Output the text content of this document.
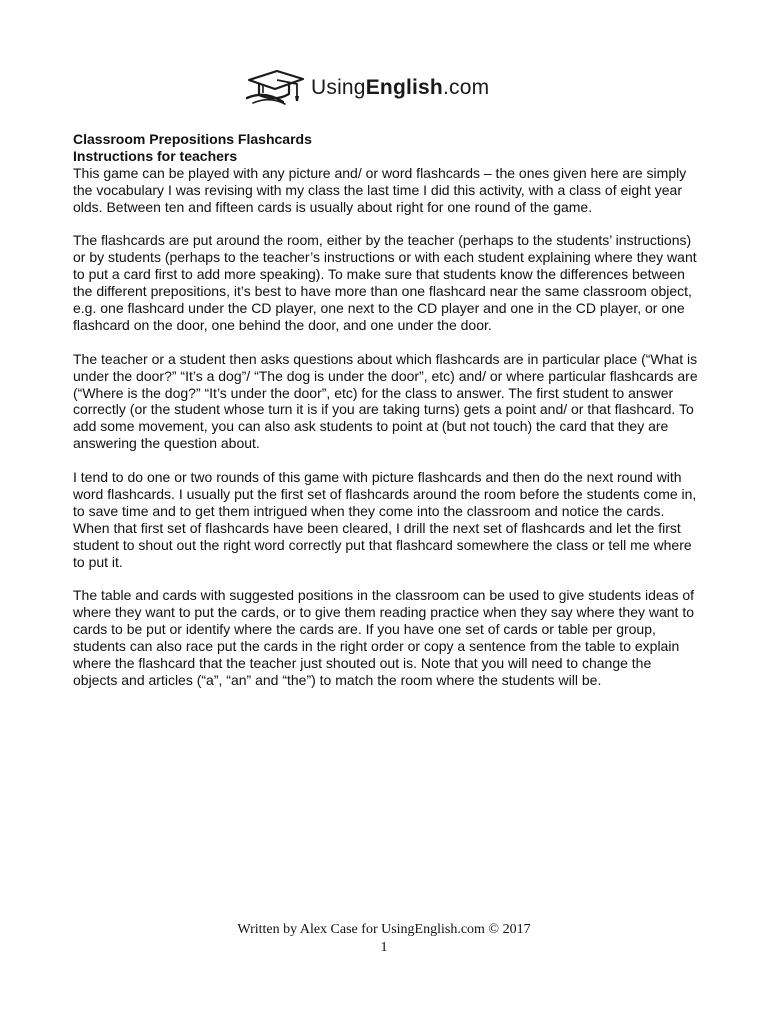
UsingEnglish.com

Classroom Prepositions Flashcards

Instructions for teachers

This game can be played with any picture and/ or word flashcards – the ones given here are simply the vocabulary I was revising with my class the last time I did this activity, with a class of eight year olds. Between ten and fifteen cards is usually about right for one round of the game.

The flashcards are put around the room, either by the teacher (perhaps to the students’ instructions) or by students (perhaps to the teacher’s instructions or with each student explaining where they want to put a card first to add more speaking). To make sure that students know the differences between the different prepositions, it’s best to have more than one flashcard near the same classroom object, e.g. one flashcard under the CD player, one next to the CD player and one in the CD player, or one flashcard on the door, one behind the door, and one under the door.

The teacher or a student then asks questions about which flashcards are in particular place (“What is under the door?” “It’s a dog”/ “The dog is under the door”, etc) and/ or where particular flashcards are (“Where is the dog?” “It’s under the door”, etc) for the class to answer. The first student to answer correctly (or the student whose turn it is if you are taking turns) gets a point and/ or that flashcard. To add some movement, you can also ask students to point at (but not touch) the card that they are answering the question about.

I tend to do one or two rounds of this game with picture flashcards and then do the next round with word flashcards. I usually put the first set of flashcards around the room before the students come in, to save time and to get them intrigued when they come into the classroom and notice the cards. When that first set of flashcards have been cleared, I drill the next set of flashcards and let the first student to shout out the right word correctly put that flashcard somewhere the class or tell me where to put it.

The table and cards with suggested positions in the classroom can be used to give students ideas of where they want to put the cards, or to give them reading practice when they say where they want to cards to be put or identify where the cards are. If you have one set of cards or table per group, students can also race put the cards in the right order or copy a sentence from the table to explain where the flashcard that the teacher just shouted out is. Note that you will need to change the objects and articles (“a”, “an” and “the”) to match the room where the students will be.

Written by Alex Case for UsingEnglish.com © 2017
1
